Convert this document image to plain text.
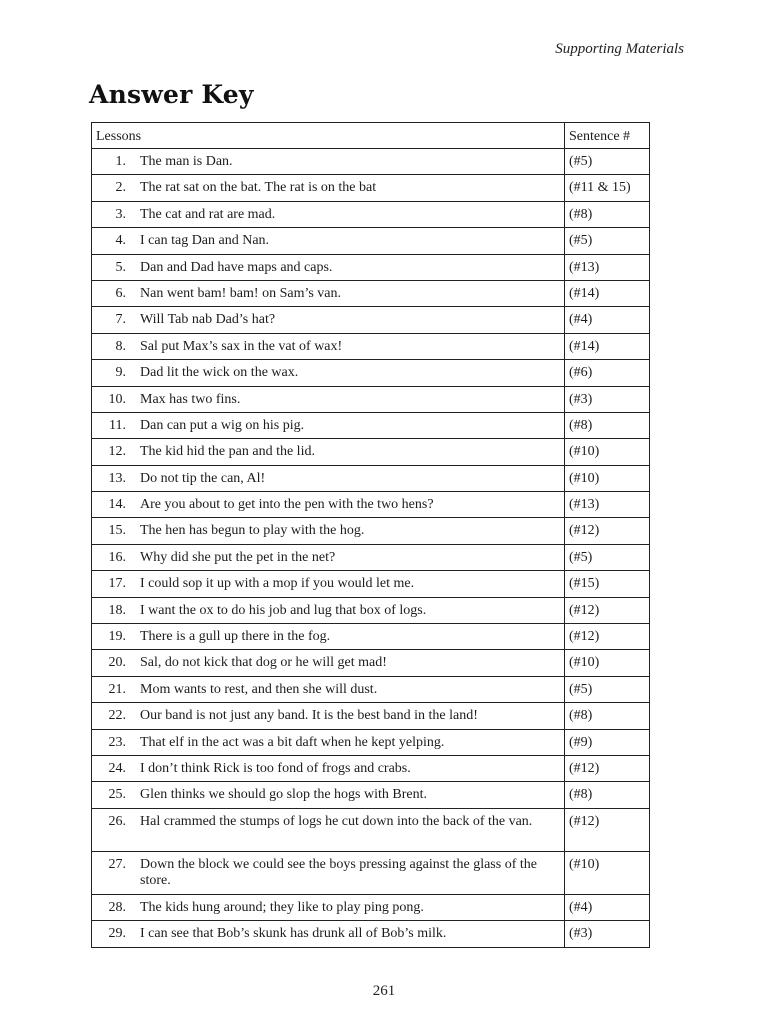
Supporting Materials
Answer Key
Lessons	Sentence #

1. The man is Dan.	(#5)

2. The rat sat on the bat. The rat is on the bat	(#11 & 15)

3. The cat and rat are mad.	(#8)

4. I can tag Dan and Nan.	(#5)

5. Dan and Dad have maps and caps.	(#13)

6. Nan went bam! bam! on Sam’s van.	(#14)

7. Will Tab nab Dad’s hat?	(#4)

8. Sal put Max’s sax in the vat of wax!	(#14)

9. Dad lit the wick on the wax.	(#6)

10. Max has two fins.	(#3)

11. Dan can put a wig on his pig.	(#8)

12. The kid hid the pan and the lid.	(#10)

13. Do not tip the can, Al!	(#10)

14. Are you about to get into the pen with the two hens?	(#13)

15. The hen has begun to play with the hog.	(#12)

16. Why did she put the pet in the net?	(#5)

17. I could sop it up with a mop if you would let me.	(#15)

18. I want the ox to do his job and lug that box of logs.	(#12)

19. There is a gull up there in the fog.	(#12)

20. Sal, do not kick that dog or he will get mad!	(#10)

21. Mom wants to rest, and then she will dust.	(#5)

22. Our band is not just any band. It is the best band in the land!	(#8)

23. That elf in the act was a bit daft when he kept yelping.	(#9)

24. I don’t think Rick is too fond of frogs and crabs.	(#12)

25. Glen thinks we should go slop the hogs with Brent.	(#8)

26. Hal crammed the stumps of logs he cut down into the back of the van.	(#12)

27. Down the block we could see the boys pressing against the glass of the store.	(#10)

28. The kids hung around; they like to play ping pong.	(#4)

29. I can see that Bob’s skunk has drunk all of Bob’s milk.	(#3)
261
